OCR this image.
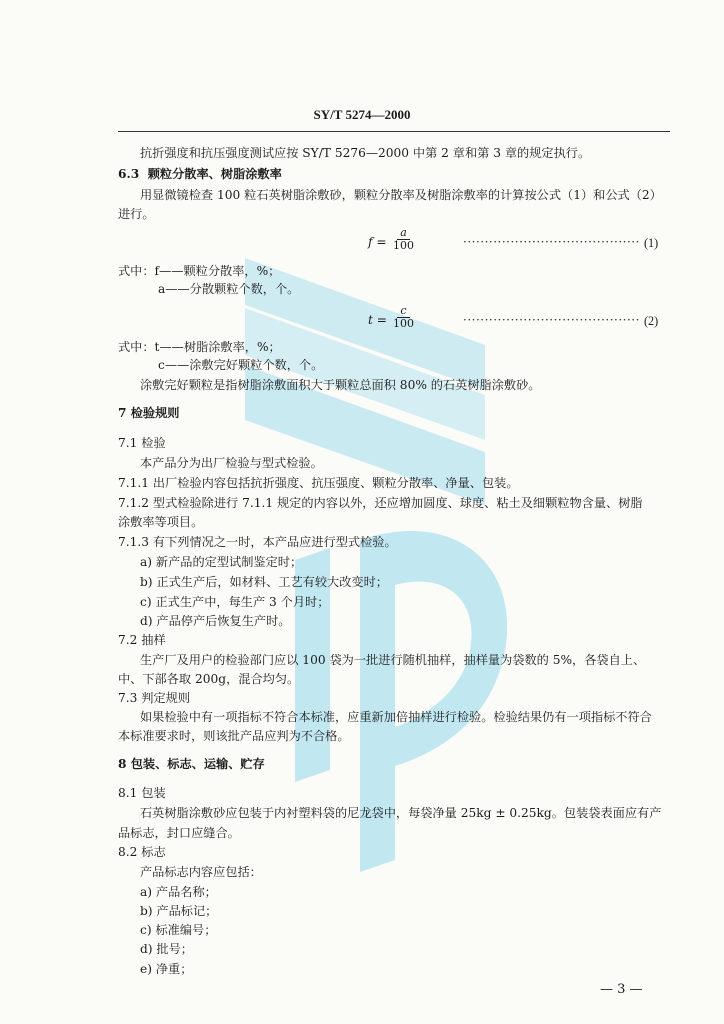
SY/T 5274—2000
抗折强度和抗压强度测试应按 SY/T 5276—2000 中第 2 章和第 3 章的规定执行。
6.3 颗粒分散率、树脂涂敷率
用显微镜检查 100 粒石英树脂涂敷砂，颗粒分散率及树脂涂敷率的计算按公式（1）和公式（2）
进行。
$f = \frac{a}{100}$	········································· (1)
式中：f——颗粒分散率，%；
a——分散颗粒个数，个。
$t = \frac{c}{100}$	········································· (2)
式中：t——树脂涂敷率，%；
c——涂敷完好颗粒个数，个。
涂敷完好颗粒是指树脂涂敷面积大于颗粒总面积 80% 的石英树脂涂敷砂。
7 检验规则
7.1 检验
本产品分为出厂检验与型式检验。
7.1.1 出厂检验内容包括抗折强度、抗压强度、颗粒分散率、净量、包装。
7.1.2 型式检验除进行 7.1.1 规定的内容以外，还应增加圆度、球度、粘土及细颗粒物含量、树脂
涂敷率等项目。
7.1.3 有下列情况之一时，本产品应进行型式检验。
a) 新产品的定型试制鉴定时；
b) 正式生产后，如材料、工艺有较大改变时；
c) 正式生产中，每生产 3 个月时；
d) 产品停产后恢复生产时。
7.2 抽样
生产厂及用户的检验部门应以 100 袋为一批进行随机抽样，抽样量为袋数的 5%，各袋自上、
中、下部各取 200g，混合均匀。
7.3 判定规则
如果检验中有一项指标不符合本标准，应重新加倍抽样进行检验。检验结果仍有一项指标不符合
本标准要求时，则该批产品应判为不合格。
8 包装、标志、运输、贮存
8.1 包装
石英树脂涂敷砂应包装于内衬塑料袋的尼龙袋中，每袋净量 25kg ± 0.25kg。包装袋表面应有产
品标志，封口应缝合。
8.2 标志
产品标志内容应包括：
a) 产品名称；
b) 产品标记；
c) 标准编号；
d) 批号；
e) 净重；
— 3 —
